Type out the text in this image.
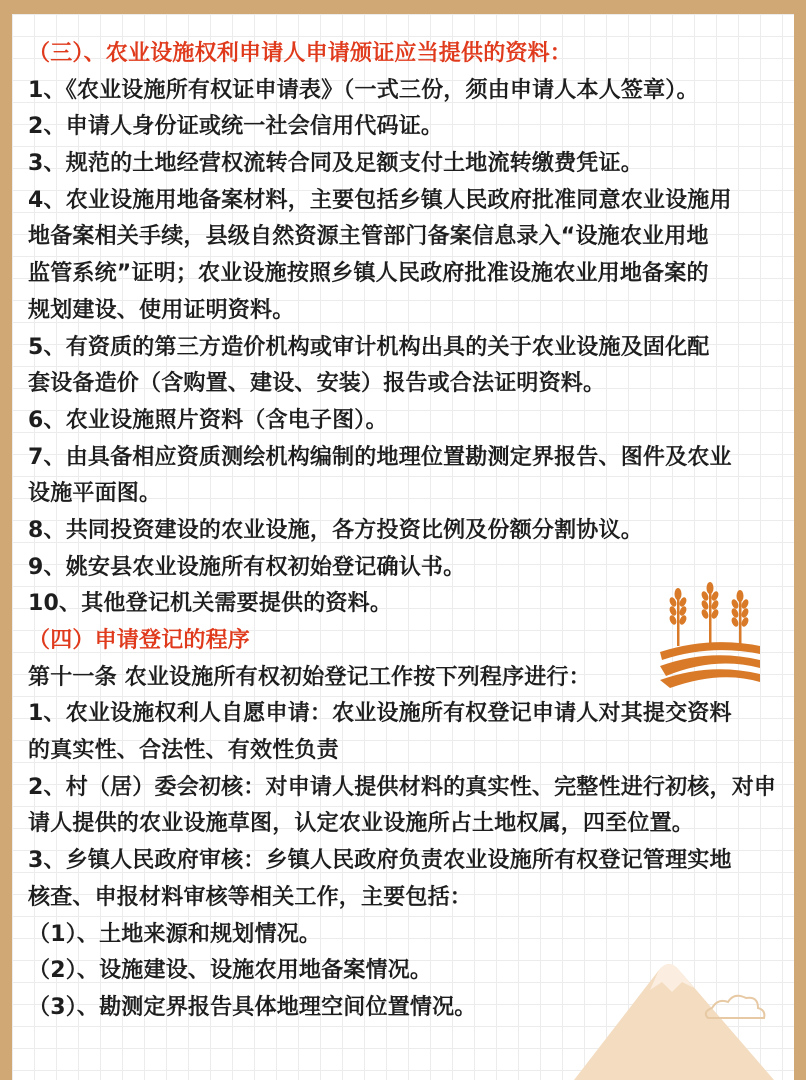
（三）、农业设施权利申请人申请颁证应当提供的资料：
1、《农业设施所有权证申请表》（一式三份，须由申请人本人签章）。
2、申请人身份证或统一社会信用代码证。
3、规范的土地经营权流转合同及足额支付土地流转缴费凭证。
4、农业设施用地备案材料，主要包括乡镇人民政府批准同意农业设施用
地备案相关手续，县级自然资源主管部门备案信息录入“设施农业用地
监管系统”证明；农业设施按照乡镇人民政府批准设施农业用地备案的
规划建设、使用证明资料。
5、有资质的第三方造价机构或审计机构出具的关于农业设施及固化配
套设备造价（含购置、建设、安装）报告或合法证明资料。
6、农业设施照片资料（含电子图）。
7、由具备相应资质测绘机构编制的地理位置勘测定界报告、图件及农业
设施平面图。
8、共同投资建设的农业设施，各方投资比例及份额分割协议。
9、姚安县农业设施所有权初始登记确认书。
10、其他登记机关需要提供的资料。
（四）申请登记的程序
第十一条 农业设施所有权初始登记工作按下列程序进行：
1、农业设施权利人自愿申请：农业设施所有权登记申请人对其提交资料
的真实性、合法性、有效性负责
2、村（居）委会初核：对申请人提供材料的真实性、完整性进行初核，对申
请人提供的农业设施草图，认定农业设施所占土地权属，四至位置。
3、乡镇人民政府审核：乡镇人民政府负责农业设施所有权登记管理实地
核查、申报材料审核等相关工作，主要包括：
（1）、土地来源和规划情况。
（2）、设施建设、设施农用地备案情况。
（3）、勘测定界报告具体地理空间位置情况。
